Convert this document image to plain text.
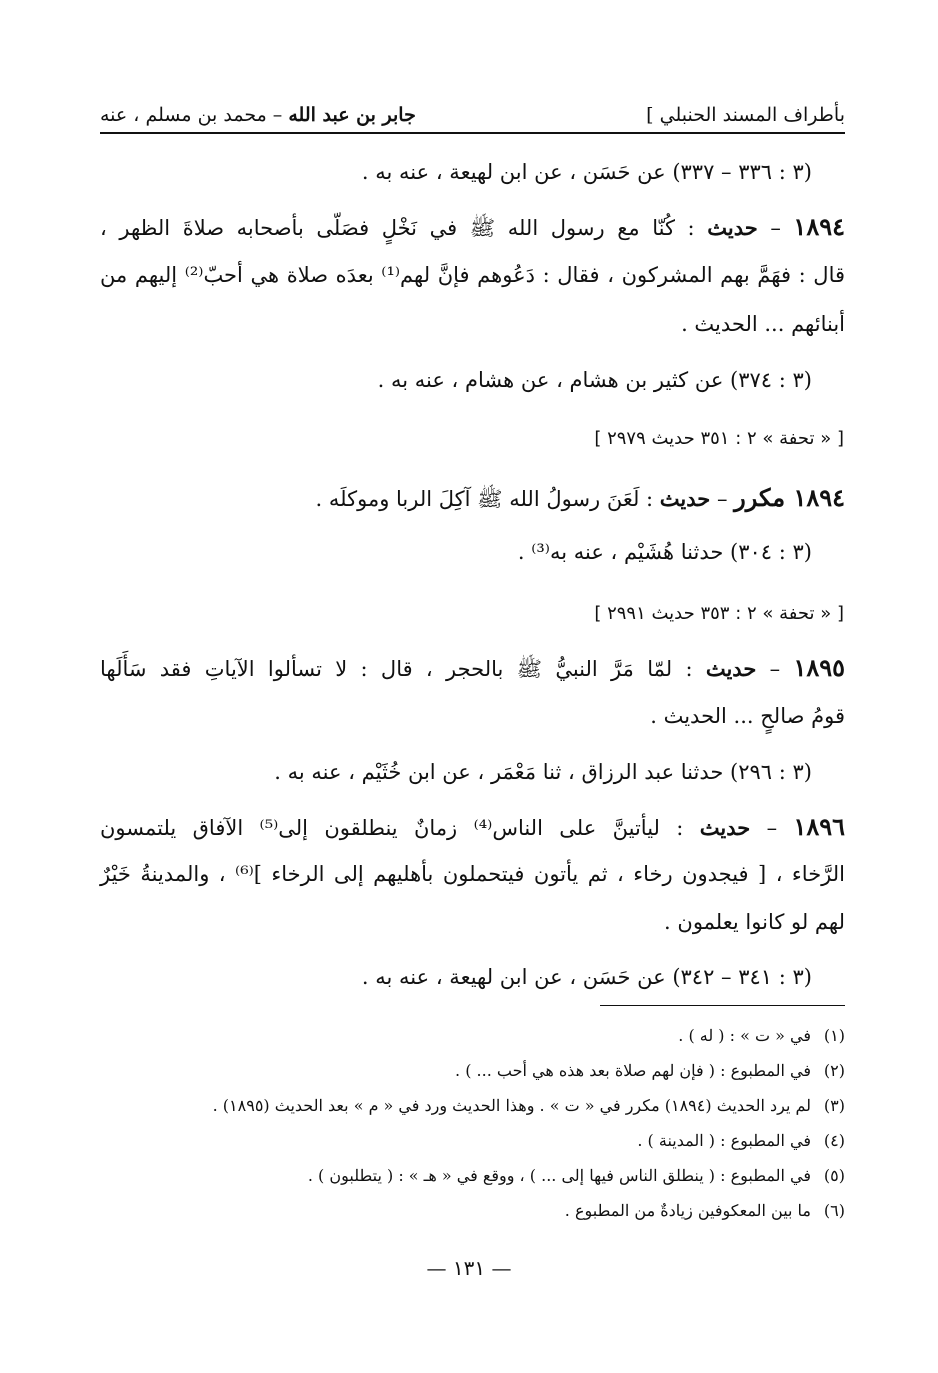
بأطراف المسند الحنبلي ]
جابر بن عبد الله – محمد بن مسلم ، عنه
(٣ : ٣٣٦ – ٣٣٧) عن حَسَن ، عن ابن لهيعة ، عنه به .
١٨٩٤ – حديث : كُنّا مع رسول الله ﷺ في نَخْلٍ فصَلّى بأصحابه صلاةَ الظهر ،
قال : فهَمَّ بهم المشركون ، فقال : دَعُوهم فإنَّ لهم⁽¹⁾ بعدَه صلاة هي أحبّ⁽²⁾ إليهم من
أبنائهم ... الحديث .
(٣ : ٣٧٤) عن كثير بن هشام ، عن هشام ، عنه به .
[ « تحفة » ٢ : ٣٥١ حديث ٢٩٧٩ ]
١٨٩٤ مكرر – حديث : لَعَنَ رسولُ الله ﷺ آكِلَ الربا وموكلَه .
(٣ : ٣٠٤) حدثنا هُشَيْم ، عنه به⁽³⁾ .
[ « تحفة » ٢ : ٣٥٣ حديث ٢٩٩١ ]
١٨٩٥ – حديث : لمّا مَرَّ النبيُّ ﷺ بالحجر ، قال : لا تسألوا الآياتِ فقد سَأَلَها
قومُ صالحٍ ... الحديث .
(٣ : ٢٩٦) حدثنا عبد الرزاق ، ثنا مَعْمَر ، عن ابن خُثَيْم ، عنه به .
١٨٩٦ – حديث : ليأتينَّ على الناس⁽⁴⁾ زمانٌ ينطلقون إلى⁽⁵⁾ الآفاق يلتمسون
الرَّخاء ، [ فيجدون رخاء ، ثم يأتون فيتحملون بأهليهم إلى الرخاء ]⁽⁶⁾ ، والمدينةُ خَيْرٌ
لهم لو كانوا يعلمون .
(٣ : ٣٤١ – ٣٤٢) عن حَسَن ، عن ابن لهيعة ، عنه به .
(١)في « ت » : ( له ) .
(٢)في المطبوع : ( فإن لهم صلاة بعد هذه هي أحب ... ) .
(٣)لم يرد الحديث (١٨٩٤) مكرر في « ت » . وهذا الحديث ورد في « م » بعد الحديث (١٨٩٥) .
(٤)في المطبوع : ( المدينة ) .
(٥)في المطبوع : ( ينطلق الناس فيها إلى ... ) ، ووقع في « هـ » : ( يتطلبون ) .
(٦)ما بين المعكوفين زيادةٌ من المطبوع .
— ١٣١ —
